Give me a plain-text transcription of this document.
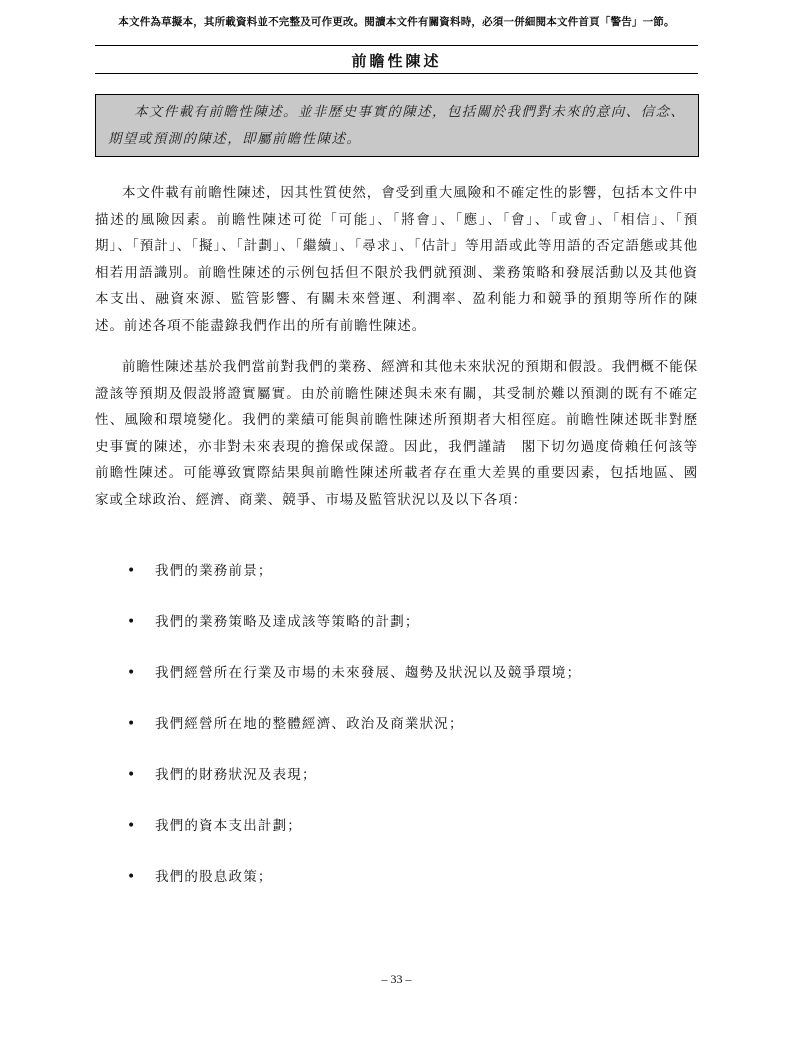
本文件為草擬本，其所載資料並不完整及可作更改。閱讀本文件有關資料時，必須一併細閱本文件首頁「警告」一節。
前瞻性陳述
本文件載有前瞻性陳述。並非歷史事實的陳述，包括關於我們對未來的意向、信念、期望或預測的陳述，即屬前瞻性陳述。

本文件載有前瞻性陳述，因其性質使然，會受到重大風險和不確定性的影響，包括本文件中描述的風險因素。前瞻性陳述可從「可能」、「將會」、「應」、「會」、「或會」、「相信」、「預期」、「預計」、「擬」、「計劃」、「繼續」、「尋求」、「估計」等用語或此等用語的否定語態或其他相若用語識別。前瞻性陳述的示例包括但不限於我們就預測、業務策略和發展活動以及其他資本支出、融資來源、監管影響、有關未來營運、利潤率、盈利能力和競爭的預期等所作的陳述。前述各項不能盡錄我們作出的所有前瞻性陳述。

前瞻性陳述基於我們當前對我們的業務、經濟和其他未來狀況的預期和假設。我們概不能保證該等預期及假設將證實屬實。由於前瞻性陳述與未來有關，其受制於難以預測的既有不確定性、風險和環境變化。我們的業績可能與前瞻性陳述所預期者大相徑庭。前瞻性陳述既非對歷史事實的陳述，亦非對未來表現的擔保或保證。因此，我們謹請　閣下切勿過度倚賴任何該等前瞻性陳述。可能導致實際結果與前瞻性陳述所載者存在重大差異的重要因素，包括地區、國家或全球政治、經濟、商業、競爭、市場及監管狀況以及以下各項：

• 我們的業務前景；
• 我們的業務策略及達成該等策略的計劃；
• 我們經營所在行業及市場的未來發展、趨勢及狀況以及競爭環境；
• 我們經營所在地的整體經濟、政治及商業狀況；
• 我們的財務狀況及表現；
• 我們的資本支出計劃；
• 我們的股息政策；
– 33 –
